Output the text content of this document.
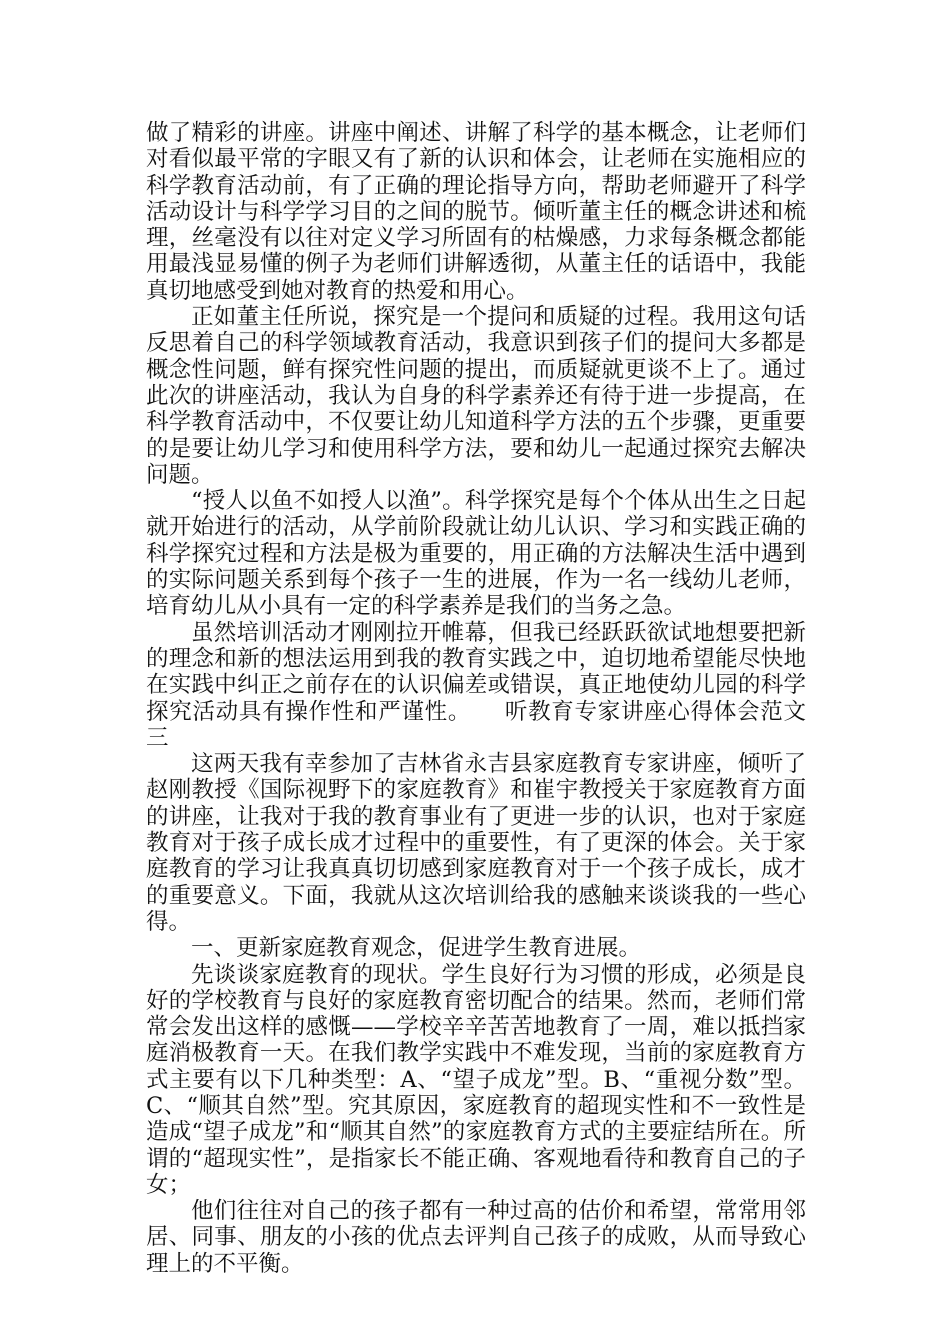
做了精彩的讲座。讲座中阐述、讲解了科学的基本概念，让老师们对看似最平常的字眼又有了新的认识和体会，让老师在实施相应的科学教育活动前，有了正确的理论指导方向，帮助老师避开了科学活动设计与科学学习目的之间的脱节。倾听董主任的概念讲述和梳理，丝毫没有以往对定义学习所固有的枯燥感，力求每条概念都能用最浅显易懂的例子为老师们讲解透彻，从董主任的话语中，我能真切地感受到她对教育的热爱和用心。

正如董主任所说，探究是一个提问和质疑的过程。我用这句话反思着自己的科学领域教育活动，我意识到孩子们的提问大多都是概念性问题，鲜有探究性问题的提出，而质疑就更谈不上了。通过此次的讲座活动，我认为自身的科学素养还有待于进一步提高，在科学教育活动中，不仅要让幼儿知道科学方法的五个步骤，更重要的是要让幼儿学习和使用科学方法，要和幼儿一起通过探究去解决问题。

“授人以鱼不如授人以渔”。科学探究是每个个体从出生之日起就开始进行的活动，从学前阶段就让幼儿认识、学习和实践正确的科学探究过程和方法是极为重要的，用正确的方法解决生活中遇到的实际问题关系到每个孩子一生的进展，作为一名一线幼儿老师，培育幼儿从小具有一定的科学素养是我们的当务之急。

虽然培训活动才刚刚拉开帷幕，但我已经跃跃欲试地想要把新的理念和新的想法运用到我的教育实践之中，迫切地希望能尽快地在实践中纠正之前存在的认识偏差或错误，真正地使幼儿园的科学探究活动具有操作性和严谨性。 听教育专家讲座心得体会范文三

这两天我有幸参加了吉林省永吉县家庭教育专家讲座，倾听了赵刚教授《国际视野下的家庭教育》和崔宇教授关于家庭教育方面的讲座，让我对于我的教育事业有了更进一步的认识，也对于家庭教育对于孩子成长成才过程中的重要性，有了更深的体会。关于家庭教育的学习让我真真切切感到家庭教育对于一个孩子成长，成才的重要意义。下面，我就从这次培训给我的感触来谈谈我的一些心得。

一、更新家庭教育观念，促进学生教育进展。

先谈谈家庭教育的现状。学生良好行为习惯的形成，必须是良好的学校教育与良好的家庭教育密切配合的结果。然而，老师们常常会发出这样的感慨——学校辛辛苦苦地教育了一周，难以抵挡家庭消极教育一天。在我们教学实践中不难发现，当前的家庭教育方式主要有以下几种类型：A、“望子成龙”型。B、“重视分数”型。C、“顺其自然”型。究其原因，家庭教育的超现实性和不一致性是造成“望子成龙”和“顺其自然”的家庭教育方式的主要症结所在。所谓的“超现实性”，是指家长不能正确、客观地看待和教育自己的子女；

他们往往对自己的孩子都有一种过高的估价和希望，常常用邻居、同事、朋友的小孩的优点去评判自己孩子的成败，从而导致心理上的不平衡。
